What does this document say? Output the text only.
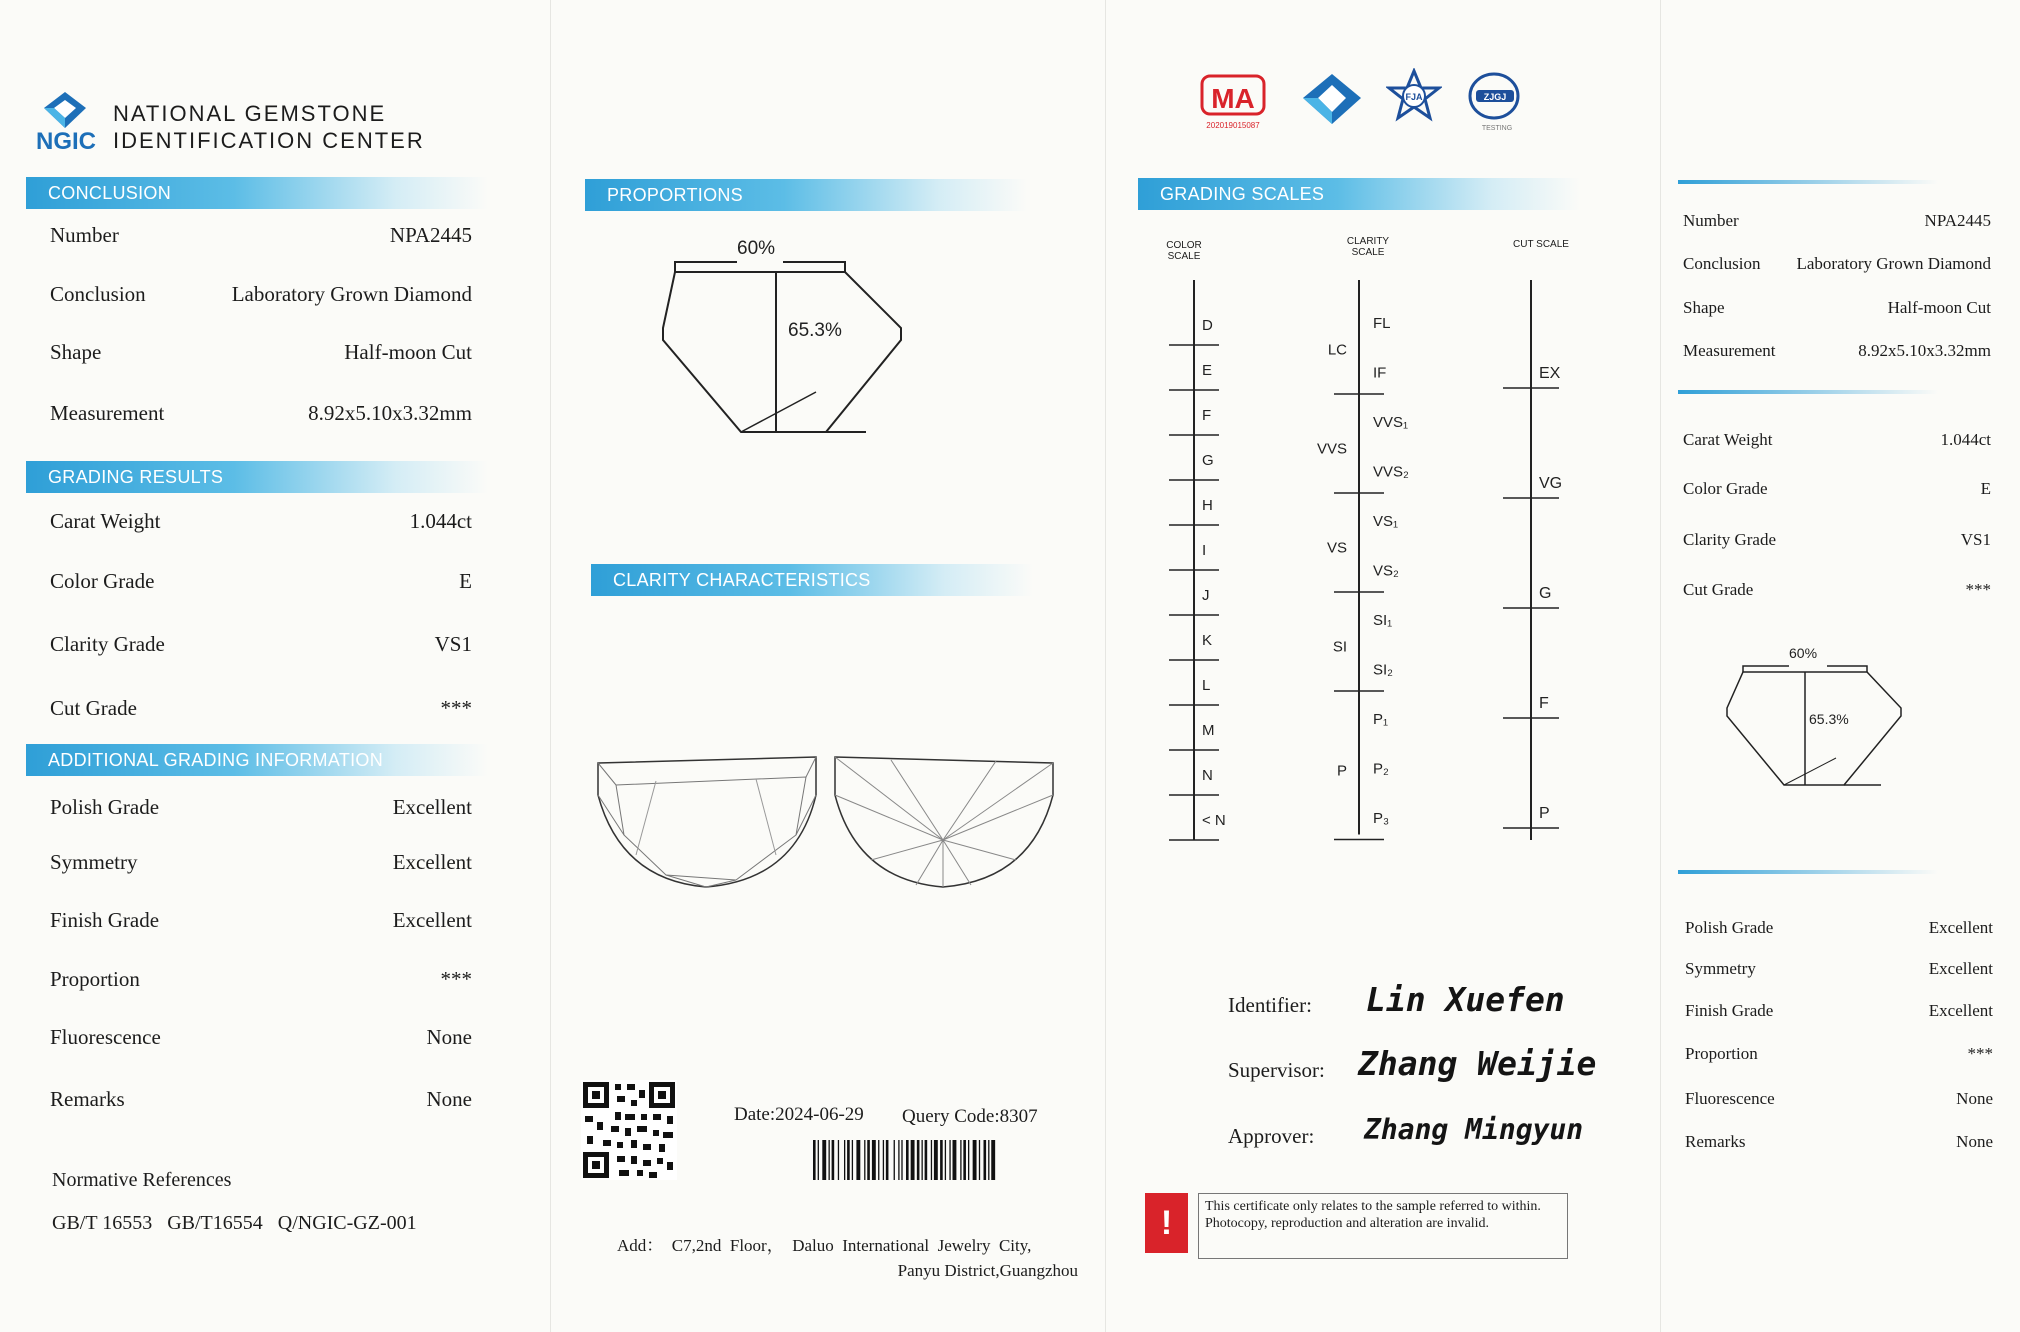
NGIC
NATIONAL GEMSTONE
IDENTIFICATION CENTER
CONCLUSION
Number	NPA2445
Conclusion	Laboratory Grown Diamond
Shape	Half-moon Cut
Measurement	8.92x5.10x3.32mm
GRADING RESULTS
Carat Weight	1.044ct
Color Grade	E
Clarity Grade	VS1
Cut Grade	***
ADDITIONAL GRADING INFORMATION
Polish Grade	Excellent
Symmetry	Excellent
Finish Grade	Excellent
Proportion	***
Fluorescence	None
Remarks	None
Normative References
GB/T 16553   GB/T16554   Q/NGIC-GZ-001
PROPORTIONS
60%
65.3%
CLARITY CHARACTERISTICS
Date:2024-06-29 Query Code:8307
Add：  C7,2nd  Floor，  Daluo  International  Jewelry  City,
Panyu District,Guangzhou
MA
202019015087
FJA	ZJGJ
TESTING
GRADING SCALES
COLOR SCALE
CLARITY SCALE
CUT SCALE
D
E
F
G
H
I
J
K
L
M
N
< N
FL
IF
VVS₁
VVS₂
VS₁
VS₂
SI₁
SI₂
P₁
P₂
P₃
LC
VVS
VS
SI
P
EX
VG
G
F
P
Identifier: Lin Xuefen
Supervisor: Zhang Weijie
Approver: Zhang Mingyun
!	This certificate only relates to the sample referred to within. Photocopy, reproduction and alteration are invalid.
Number	NPA2445
Conclusion Laboratory Grown Diamond
Shape	Half-moon Cut
Measurement	8.92x5.10x3.32mm
Carat Weight	1.044ct
Color Grade	E
Clarity Grade	VS1
Cut Grade	***
60%
65.3%
Polish Grade	Excellent
Symmetry	Excellent
Finish Grade	Excellent
Proportion	***
Fluorescence	None
Remarks	None
